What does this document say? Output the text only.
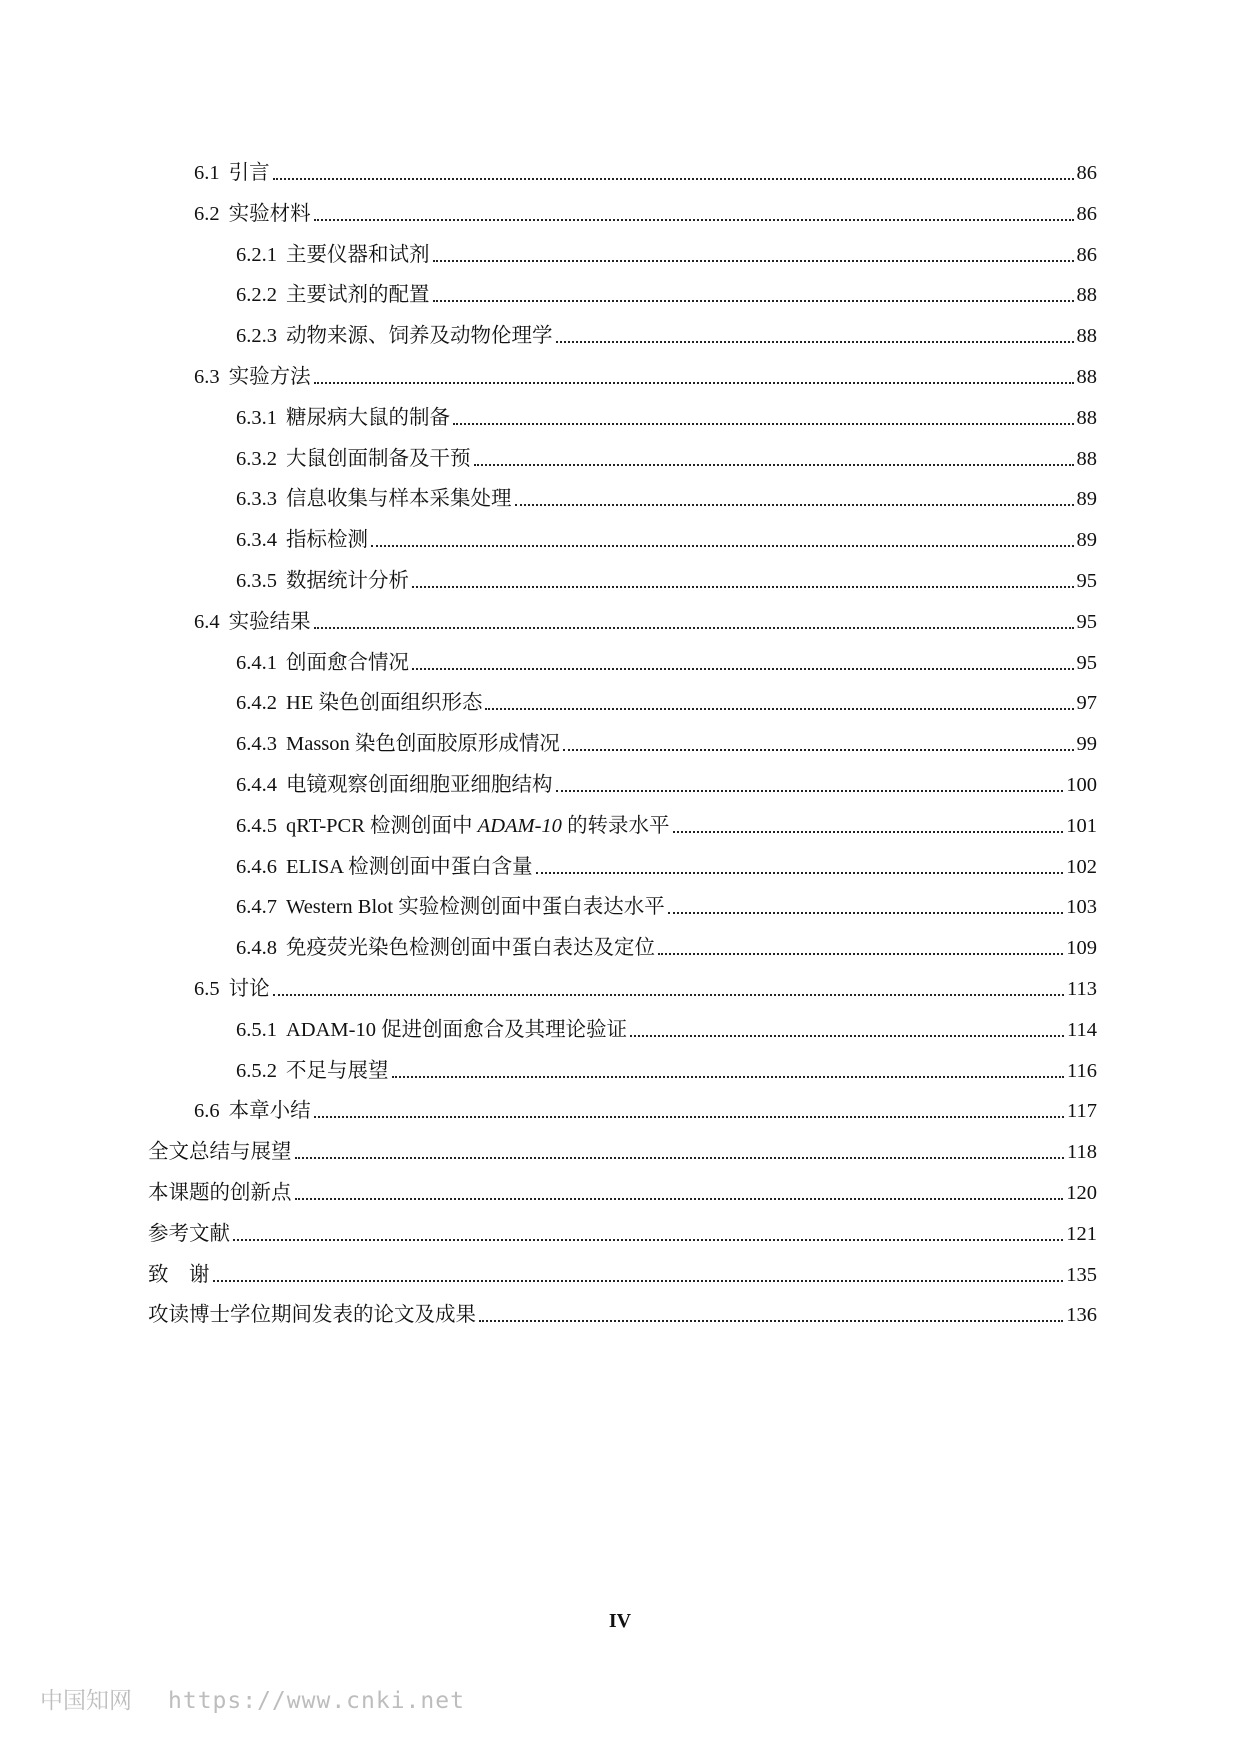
6.1 引言	86
6.2 实验材料	86
6.2.1 主要仪器和试剂	86
6.2.2 主要试剂的配置	88
6.2.3 动物来源、饲养及动物伦理学	88
6.3 实验方法	88
6.3.1 糖尿病大鼠的制备	88
6.3.2 大鼠创面制备及干预	88
6.3.3 信息收集与样本采集处理	89
6.3.4 指标检测	89
6.3.5 数据统计分析	95
6.4 实验结果	95
6.4.1 创面愈合情况	95
6.4.2 HE 染色创面组织形态	97
6.4.3 Masson 染色创面胶原形成情况	99
6.4.4 电镜观察创面细胞亚细胞结构	100
6.4.5 qRT-PCR 检测创面中 ADAM-10 的转录水平	101
6.4.6 ELISA 检测创面中蛋白含量	102
6.4.7 Western Blot 实验检测创面中蛋白表达水平	103
6.4.8 免疫荧光染色检测创面中蛋白表达及定位	109
6.5 讨论	113
6.5.1 ADAM-10 促进创面愈合及其理论验证	114
6.5.2 不足与展望	116
6.6 本章小结	117
全文总结与展望	118
本课题的创新点	120
参考文献	121
致　谢	135
攻读博士学位期间发表的论文及成果	136
IV
中国知网 https://www.cnki.net
